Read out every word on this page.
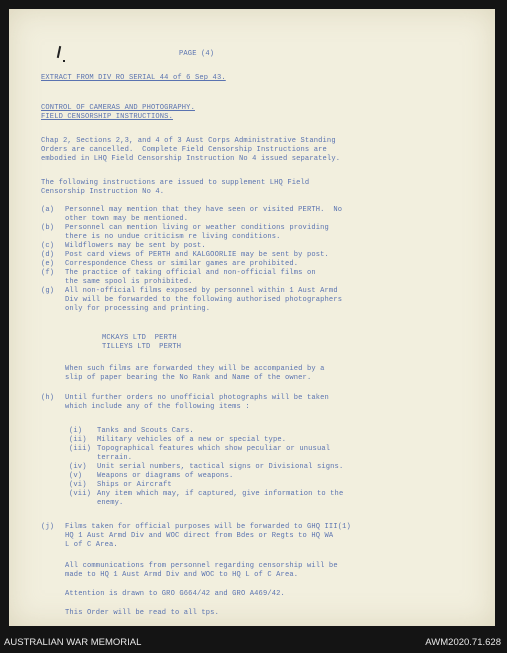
PAGE (4)
EXTRACT FROM DIV RO SERIAL 44 of 6 Sep 43.
CONTROL OF CAMERAS AND PHOTOGRAPHY.
FIELD CENSORSHIP INSTRUCTIONS.
Chap 2, Sections 2,3, and 4 of 3 Aust Corps Administrative Standing
Orders are cancelled.  Complete Field Censorship Instructions are
embodied in LHQ Field Censorship Instruction No 4 issued separately.
The following instructions are issued to supplement LHQ Field
Censorship Instruction No 4.
(a) Personnel may mention that they have seen or visited PERTH.  No
other town may be mentioned.
(b) Personnel can mention living or weather conditions providing
there is no undue criticism re living conditions.
(c) Wildflowers may be sent by post.
(d) Post card views of PERTH and KALGOORLIE may be sent by post.
(e) Correspondence Chess or similar games are prohibited.
(f) The practice of taking official and non-official films on
the same spool is prohibited.
(g) All non-official films exposed by personnel within 1 Aust Armd
Div will be forwarded to the following authorised photographers
only for processing and printing.
MCKAYS LTD  PERTH
TILLEYS LTD  PERTH
When such films are forwarded they will be accompanied by a
slip of paper bearing the No Rank and Name of the owner.
(h) Until further orders no unofficial photographs will be taken
which include any of the following items :
(i) Tanks and Scouts Cars.
(ii) Military vehicles of a new or special type.
(iii) Topographical features which show peculiar or unusual
terrain.
(iv) Unit serial numbers, tactical signs or Divisional signs.
(v) Weapons or diagrams of weapons.
(vi) Ships or Aircraft
(vii) Any item which may, if captured, give information to the
enemy.
(j) Films taken for official purposes will be forwarded to GHQ III(1)
HQ 1 Aust Armd Div and WOC direct from Bdes or Regts to HQ WA
L of C Area.
All communications from personnel regarding censorship will be
made to HQ 1 Aust Armd Div and WOC to HQ L of C Area.
Attention is drawn to GRO G664/42 and GRO A469/42.
This Order will be read to all tps.
AUSTRALIAN WAR MEMORIAL	AWM2020.71.628
